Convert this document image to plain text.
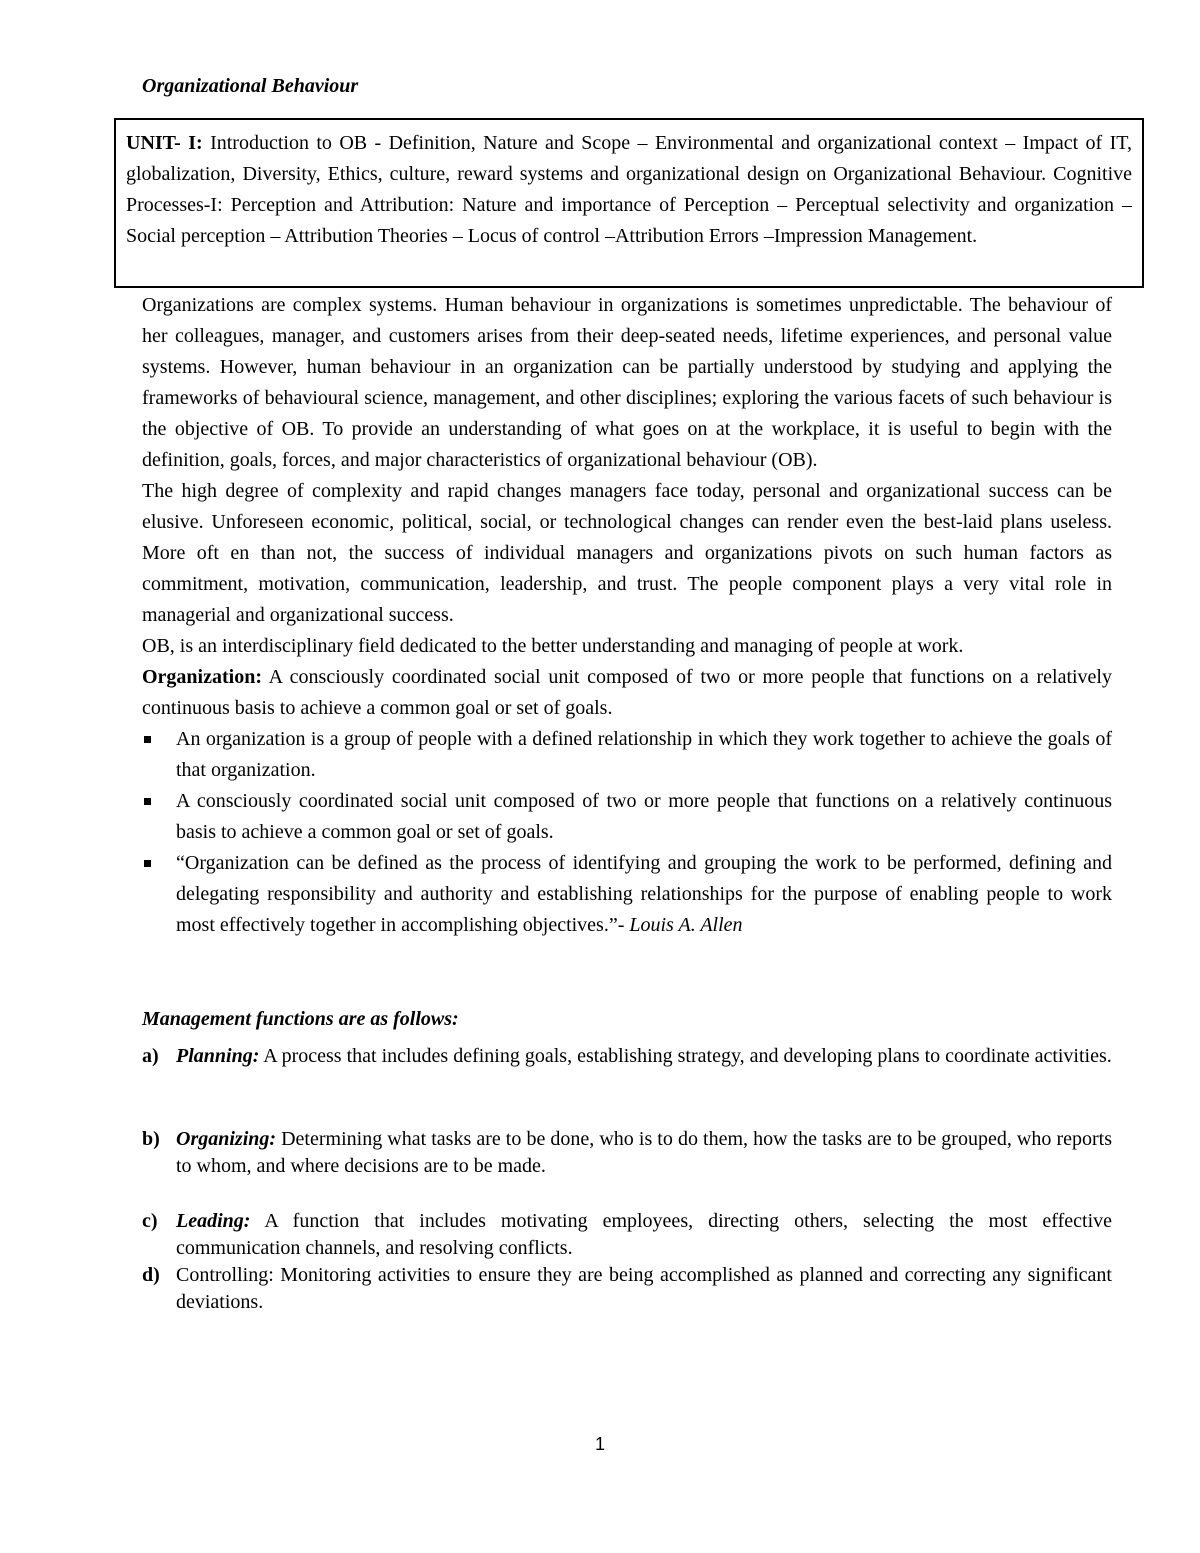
Organizational Behaviour
UNIT- I: Introduction to OB - Definition, Nature and Scope – Environmental and organizational context – Impact of IT, globalization, Diversity, Ethics, culture, reward systems and organizational design on Organizational Behaviour. Cognitive Processes-I: Perception and Attribution: Nature and importance of Perception – Perceptual selectivity and organization – Social perception – Attribution Theories – Locus of control –Attribution Errors –Impression Management.

Organizations are complex systems. Human behaviour in organizations is sometimes unpredictable. The behaviour of her colleagues, manager, and customers arises from their deep-seated needs, lifetime experiences, and personal value systems. However, human behaviour in an organization can be partially understood by studying and applying the frameworks of behavioural science, management, and other disciplines; exploring the various facets of such behaviour is the objective of OB. To provide an understanding of what goes on at the workplace, it is useful to begin with the definition, goals, forces, and major characteristics of organizational behaviour (OB).

The high degree of complexity and rapid changes managers face today, personal and organizational success can be elusive. Unforeseen economic, political, social, or technological changes can render even the best-laid plans useless. More oft en than not, the success of individual managers and organizations pivots on such human factors as commitment, motivation, communication, leadership, and trust. The people component plays a very vital role in managerial and organizational success.

OB, is an interdisciplinary field dedicated to the better understanding and managing of people at work.

Organization: A consciously coordinated social unit composed of two or more people that functions on a relatively continuous basis to achieve a common goal or set of goals.

An organization is a group of people with a defined relationship in which they work together to achieve the goals of that organization.
A consciously coordinated social unit composed of two or more people that functions on a relatively continuous basis to achieve a common goal or set of goals.
“Organization can be defined as the process of identifying and grouping the work to be performed, defining and delegating responsibility and authority and establishing relationships for the purpose of enabling people to work most effectively together in accomplishing objectives.”- Louis A. Allen
Management functions are as follows:
a) Planning: A process that includes defining goals, establishing strategy, and developing plans to coordinate activities.
b) Organizing: Determining what tasks are to be done, who is to do them, how the tasks are to be grouped, who reports to whom, and where decisions are to be made.
c) Leading: A function that includes motivating employees, directing others, selecting the most effective communication channels, and resolving conflicts.
d) Controlling: Monitoring activities to ensure they are being accomplished as planned and correcting any significant deviations.

1
